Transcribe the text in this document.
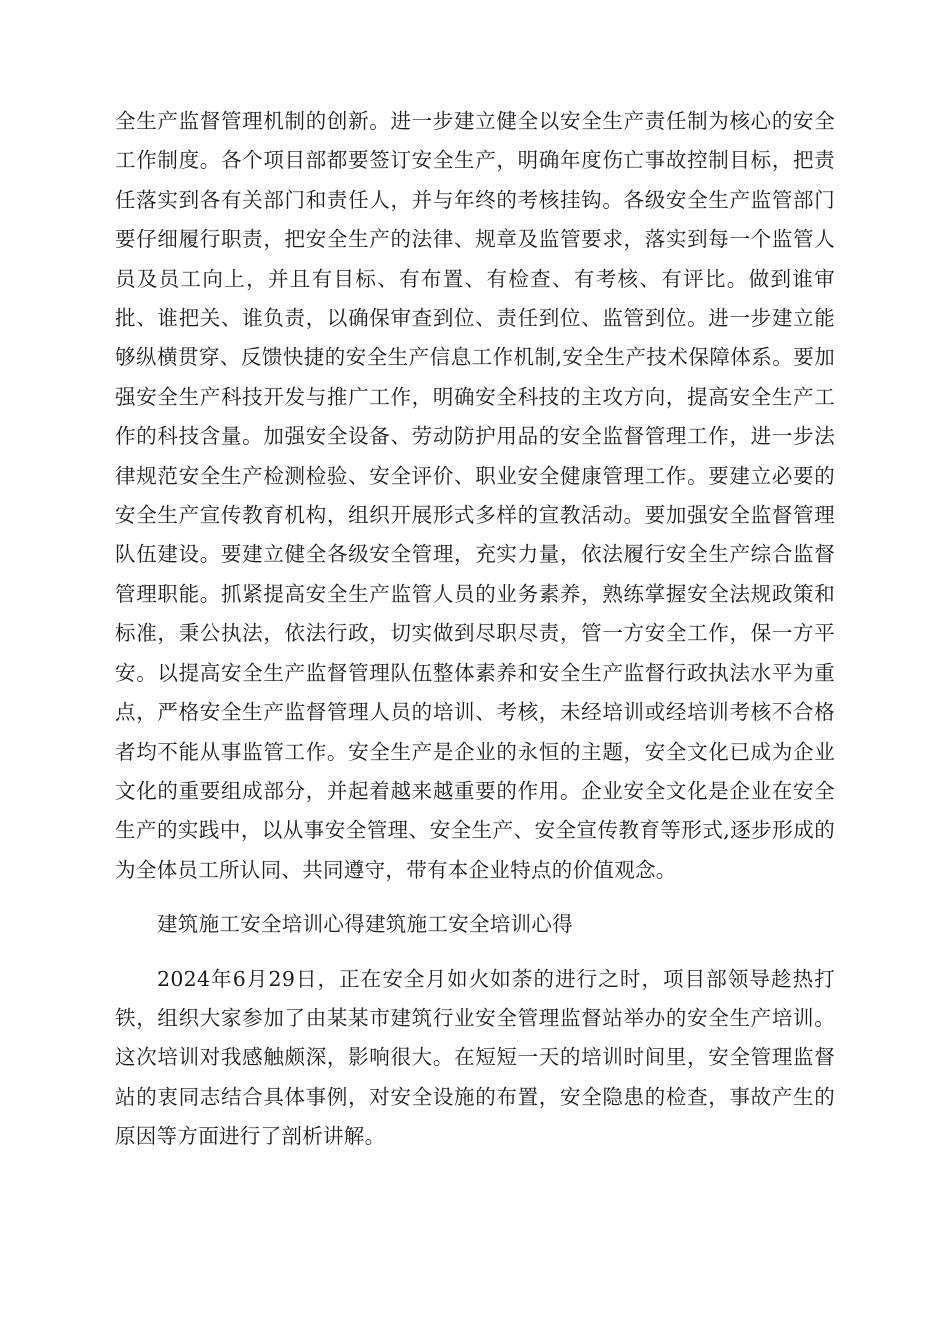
全生产监督管理机制的创新。进一步建立健全以安全生产责任制为核心的安全工作制度。各个项目部都要签订安全生产，明确年度伤亡事故控制目标，把责任落实到各有关部门和责任人，并与年终的考核挂钩。各级安全生产监管部门要仔细履行职责，把安全生产的法律、规章及监管要求，落实到每一个监管人员及员工向上，并且有目标、有布置、有检查、有考核、有评比。做到谁审批、谁把关、谁负责，以确保审查到位、责任到位、监管到位。进一步建立能够纵横贯穿、反馈快捷的安全生产信息工作机制,安全生产技术保障体系。要加强安全生产科技开发与推广工作，明确安全科技的主攻方向，提高安全生产工作的科技含量。加强安全设备、劳动防护用品的安全监督管理工作，进一步法律规范安全生产检测检验、安全评价、职业安全健康管理工作。要建立必要的安全生产宣传教育机构，组织开展形式多样的宣教活动。要加强安全监督管理队伍建设。要建立健全各级安全管理，充实力量，依法履行安全生产综合监督管理职能。抓紧提高安全生产监管人员的业务素养，熟练掌握安全法规政策和标准，秉公执法，依法行政，切实做到尽职尽责，管一方安全工作，保一方平安。以提高安全生产监督管理队伍整体素养和安全生产监督行政执法水平为重点，严格安全生产监督管理人员的培训、考核，未经培训或经培训考核不合格者均不能从事监管工作。安全生产是企业的永恒的主题，安全文化已成为企业文化的重要组成部分，并起着越来越重要的作用。企业安全文化是企业在安全生产的实践中，以从事安全管理、安全生产、安全宣传教育等形式,逐步形成的为全体员工所认同、共同遵守，带有本企业特点的价值观念。

建筑施工安全培训心得建筑施工安全培训心得

2024年6月29日，正在安全月如火如荼的进行之时，项目部领导趁热打铁，组织大家参加了由某某市建筑行业安全管理监督站举办的安全生产培训。这次培训对我感触颇深，影响很大。在短短一天的培训时间里，安全管理监督站的衷同志结合具体事例，对安全设施的布置，安全隐患的检查，事故产生的原因等方面进行了剖析讲解。
